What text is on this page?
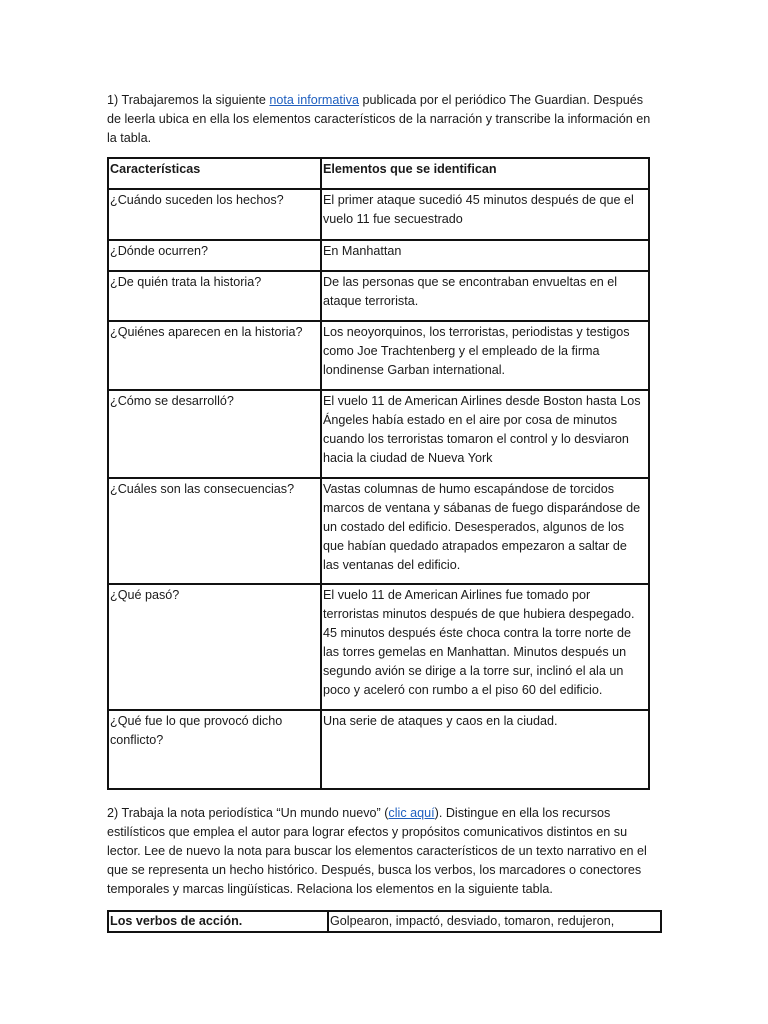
1) Trabajaremos la siguiente nota informativa publicada por el periódico The Guardian. Después de leerla ubica en ella los elementos característicos de la narración y transcribe la información en la tabla.
Características	Elementos que se identifican
¿Cuándo suceden los hechos?	El primer ataque sucedió 45 minutos después de que el vuelo 11 fue secuestrado
¿Dónde ocurren?	En Manhattan
¿De quién trata la historia?	De las personas que se encontraban envueltas en el ataque terrorista.
¿Quiénes aparecen en la historia?	Los neoyorquinos, los terroristas, periodistas y testigos como Joe Trachtenberg y el empleado de la firma londinense Garban international.
¿Cómo se desarrolló?	El vuelo 11 de American Airlines desde Boston hasta Los Ángeles había estado en el aire por cosa de minutos cuando los terroristas tomaron el control y lo desviaron hacia la ciudad de Nueva York
¿Cuáles son las consecuencias?	Vastas columnas de humo escapándose de torcidos marcos de ventana y sábanas de fuego disparándose de un costado del edificio. Desesperados, algunos de los que habían quedado atrapados empezaron a saltar de las ventanas del edificio.
¿Qué pasó?	El vuelo 11 de American Airlines fue tomado por terroristas minutos después de que hubiera despegado. 45 minutos después éste choca contra la torre norte de las torres gemelas en Manhattan. Minutos después un segundo avión se dirige a la torre sur, inclinó el ala un poco y aceleró con rumbo a el piso 60 del edificio.
¿Qué fue lo que provocó dicho conflicto?	Una serie de ataques y caos en la ciudad.
2) Trabaja la nota periodística “Un mundo nuevo” (clic aquí). Distingue en ella los recursos estilísticos que emplea el autor para lograr efectos y propósitos comunicativos distintos en su lector. Lee de nuevo la nota para buscar los elementos característicos de un texto narrativo en el que se representa un hecho histórico. Después, busca los verbos, los marcadores o conectores temporales y marcas lingüísticas. Relaciona los elementos en la siguiente tabla.
Los verbos de acción.	Golpearon, impactó, desviado, tomaron, redujeron,
